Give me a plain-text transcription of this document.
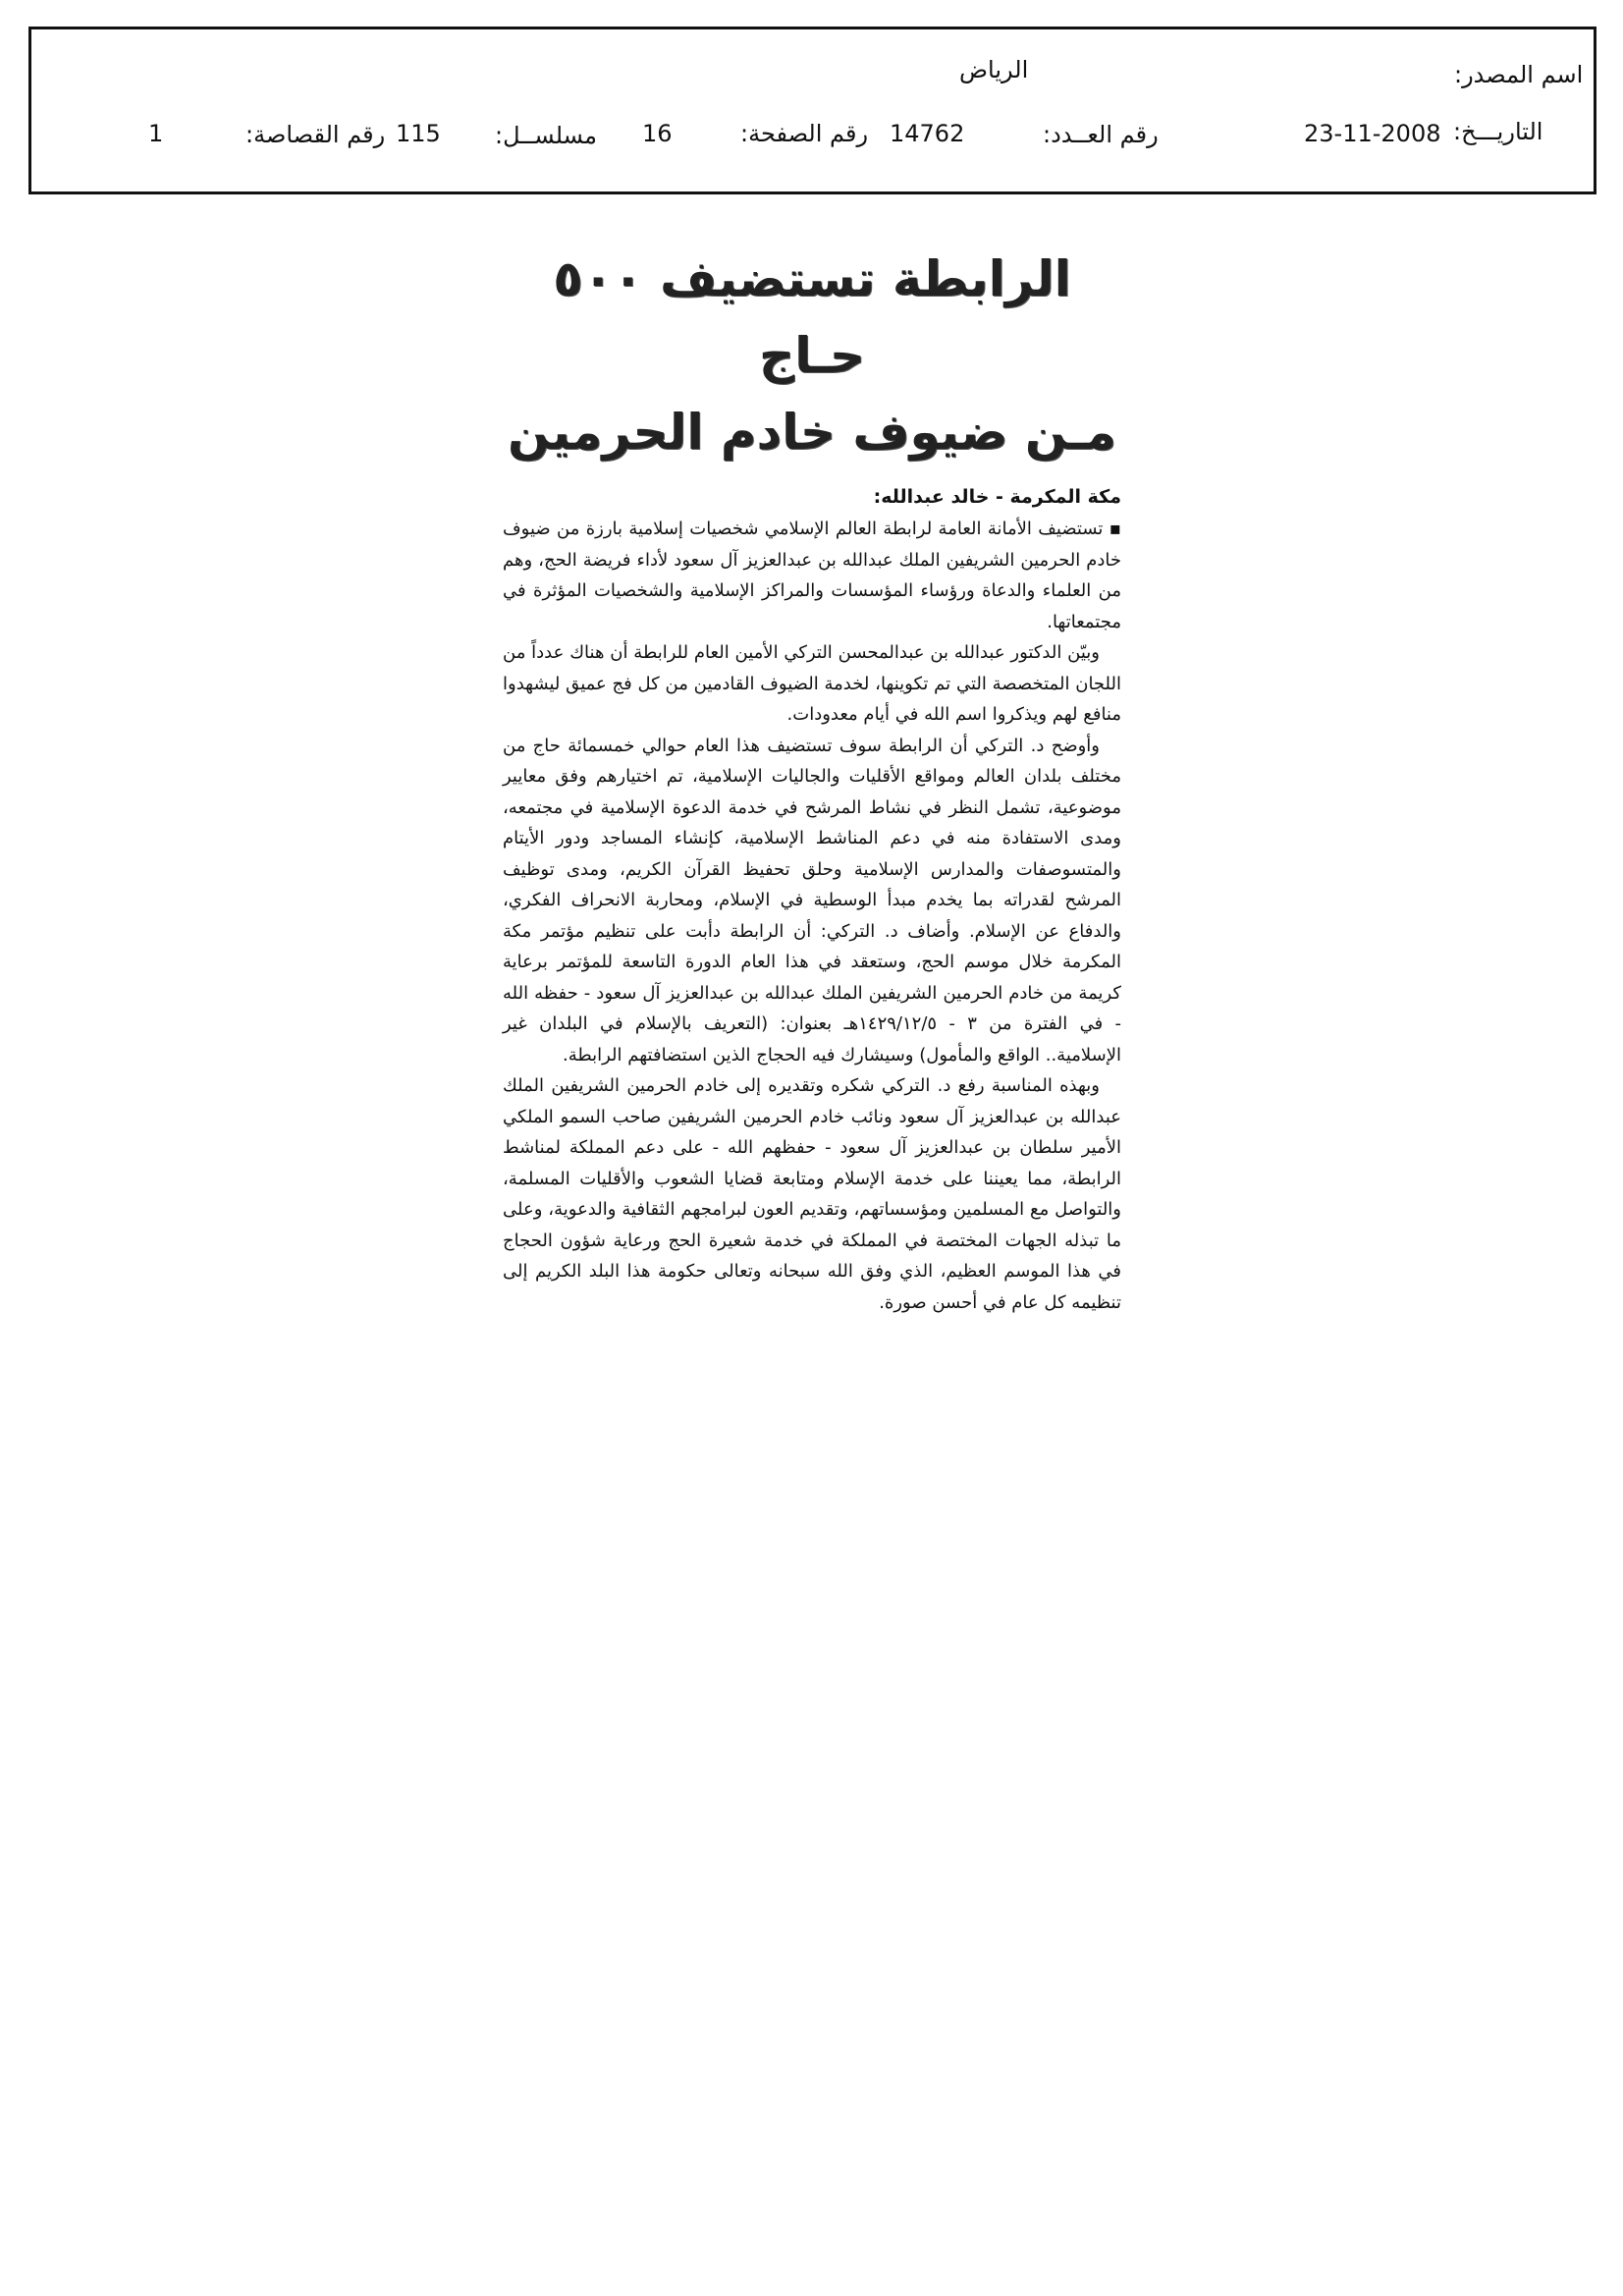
اسم المصدر:
الرياض
التاريـــخ:
23-11-2008
رقم العــدد:
14762
رقم الصفحة:
16
مسلســل:
115
رقم القصاصة:
1
الرابطة تستضيف ٥٠٠ حـاج
مـن ضيوف خادم الحرمين
مكة المكرمة - خالد عبدالله:

▪ تستضيف الأمانة العامة لرابطة العالم الإسلامي شخصيات إسلامية بارزة من ضيوف خادم الحرمين الشريفين الملك عبدالله بن عبدالعزيز آل سعود لأداء فريضة الحج، وهم من العلماء والدعاة ورؤساء المؤسسات والمراكز الإسلامية والشخصيات المؤثرة في مجتمعاتها.

وبيّن الدكتور عبدالله بن عبدالمحسن التركي الأمين العام للرابطة أن هناك عدداً من اللجان المتخصصة التي تم تكوينها، لخدمة الضيوف القادمين من كل فج عميق ليشهدوا منافع لهم ويذكروا اسم الله في أيام معدودات.

وأوضح د. التركي أن الرابطة سوف تستضيف هذا العام حوالي خمسمائة حاج من مختلف بلدان العالم ومواقع الأقليات والجاليات الإسلامية، تم اختيارهم وفق معايير موضوعية، تشمل النظر في نشاط المرشح في خدمة الدعوة الإسلامية في مجتمعه، ومدى الاستفادة منه في دعم المناشط الإسلامية، كإنشاء المساجد ودور الأيتام والمتسوصفات والمدارس الإسلامية وحلق تحفيظ القرآن الكريم، ومدى توظيف المرشح لقدراته بما يخدم مبدأ الوسطية في الإسلام، ومحاربة الانحراف الفكري، والدفاع عن الإسلام. وأضاف د. التركي: أن الرابطة دأبت على تنظيم مؤتمر مكة المكرمة خلال موسم الحج، وستعقد في هذا العام الدورة التاسعة للمؤتمر برعاية كريمة من خادم الحرمين الشريفين الملك عبدالله بن عبدالعزيز آل سعود - حفظه الله - في الفترة من ٣ - ١٤٢٩/١٢/٥هـ بعنوان: (التعريف بالإسلام في البلدان غير الإسلامية.. الواقع والمأمول) وسيشارك فيه الحجاج الذين استضافتهم الرابطة.

وبهذه المناسبة رفع د. التركي شكره وتقديره إلى خادم الحرمين الشريفين الملك عبدالله بن عبدالعزيز آل سعود ونائب خادم الحرمين الشريفين صاحب السمو الملكي الأمير سلطان بن عبدالعزيز آل سعود - حفظهم الله - على دعم المملكة لمناشط الرابطة، مما يعيننا على خدمة الإسلام ومتابعة قضايا الشعوب والأقليات المسلمة، والتواصل مع المسلمين ومؤسساتهم، وتقديم العون لبرامجهم الثقافية والدعوية، وعلى ما تبذله الجهات المختصة في المملكة في خدمة شعيرة الحج ورعاية شؤون الحجاج في هذا الموسم العظيم، الذي وفق الله سبحانه وتعالى حكومة هذا البلد الكريم إلى تنظيمه كل عام في أحسن صورة.
